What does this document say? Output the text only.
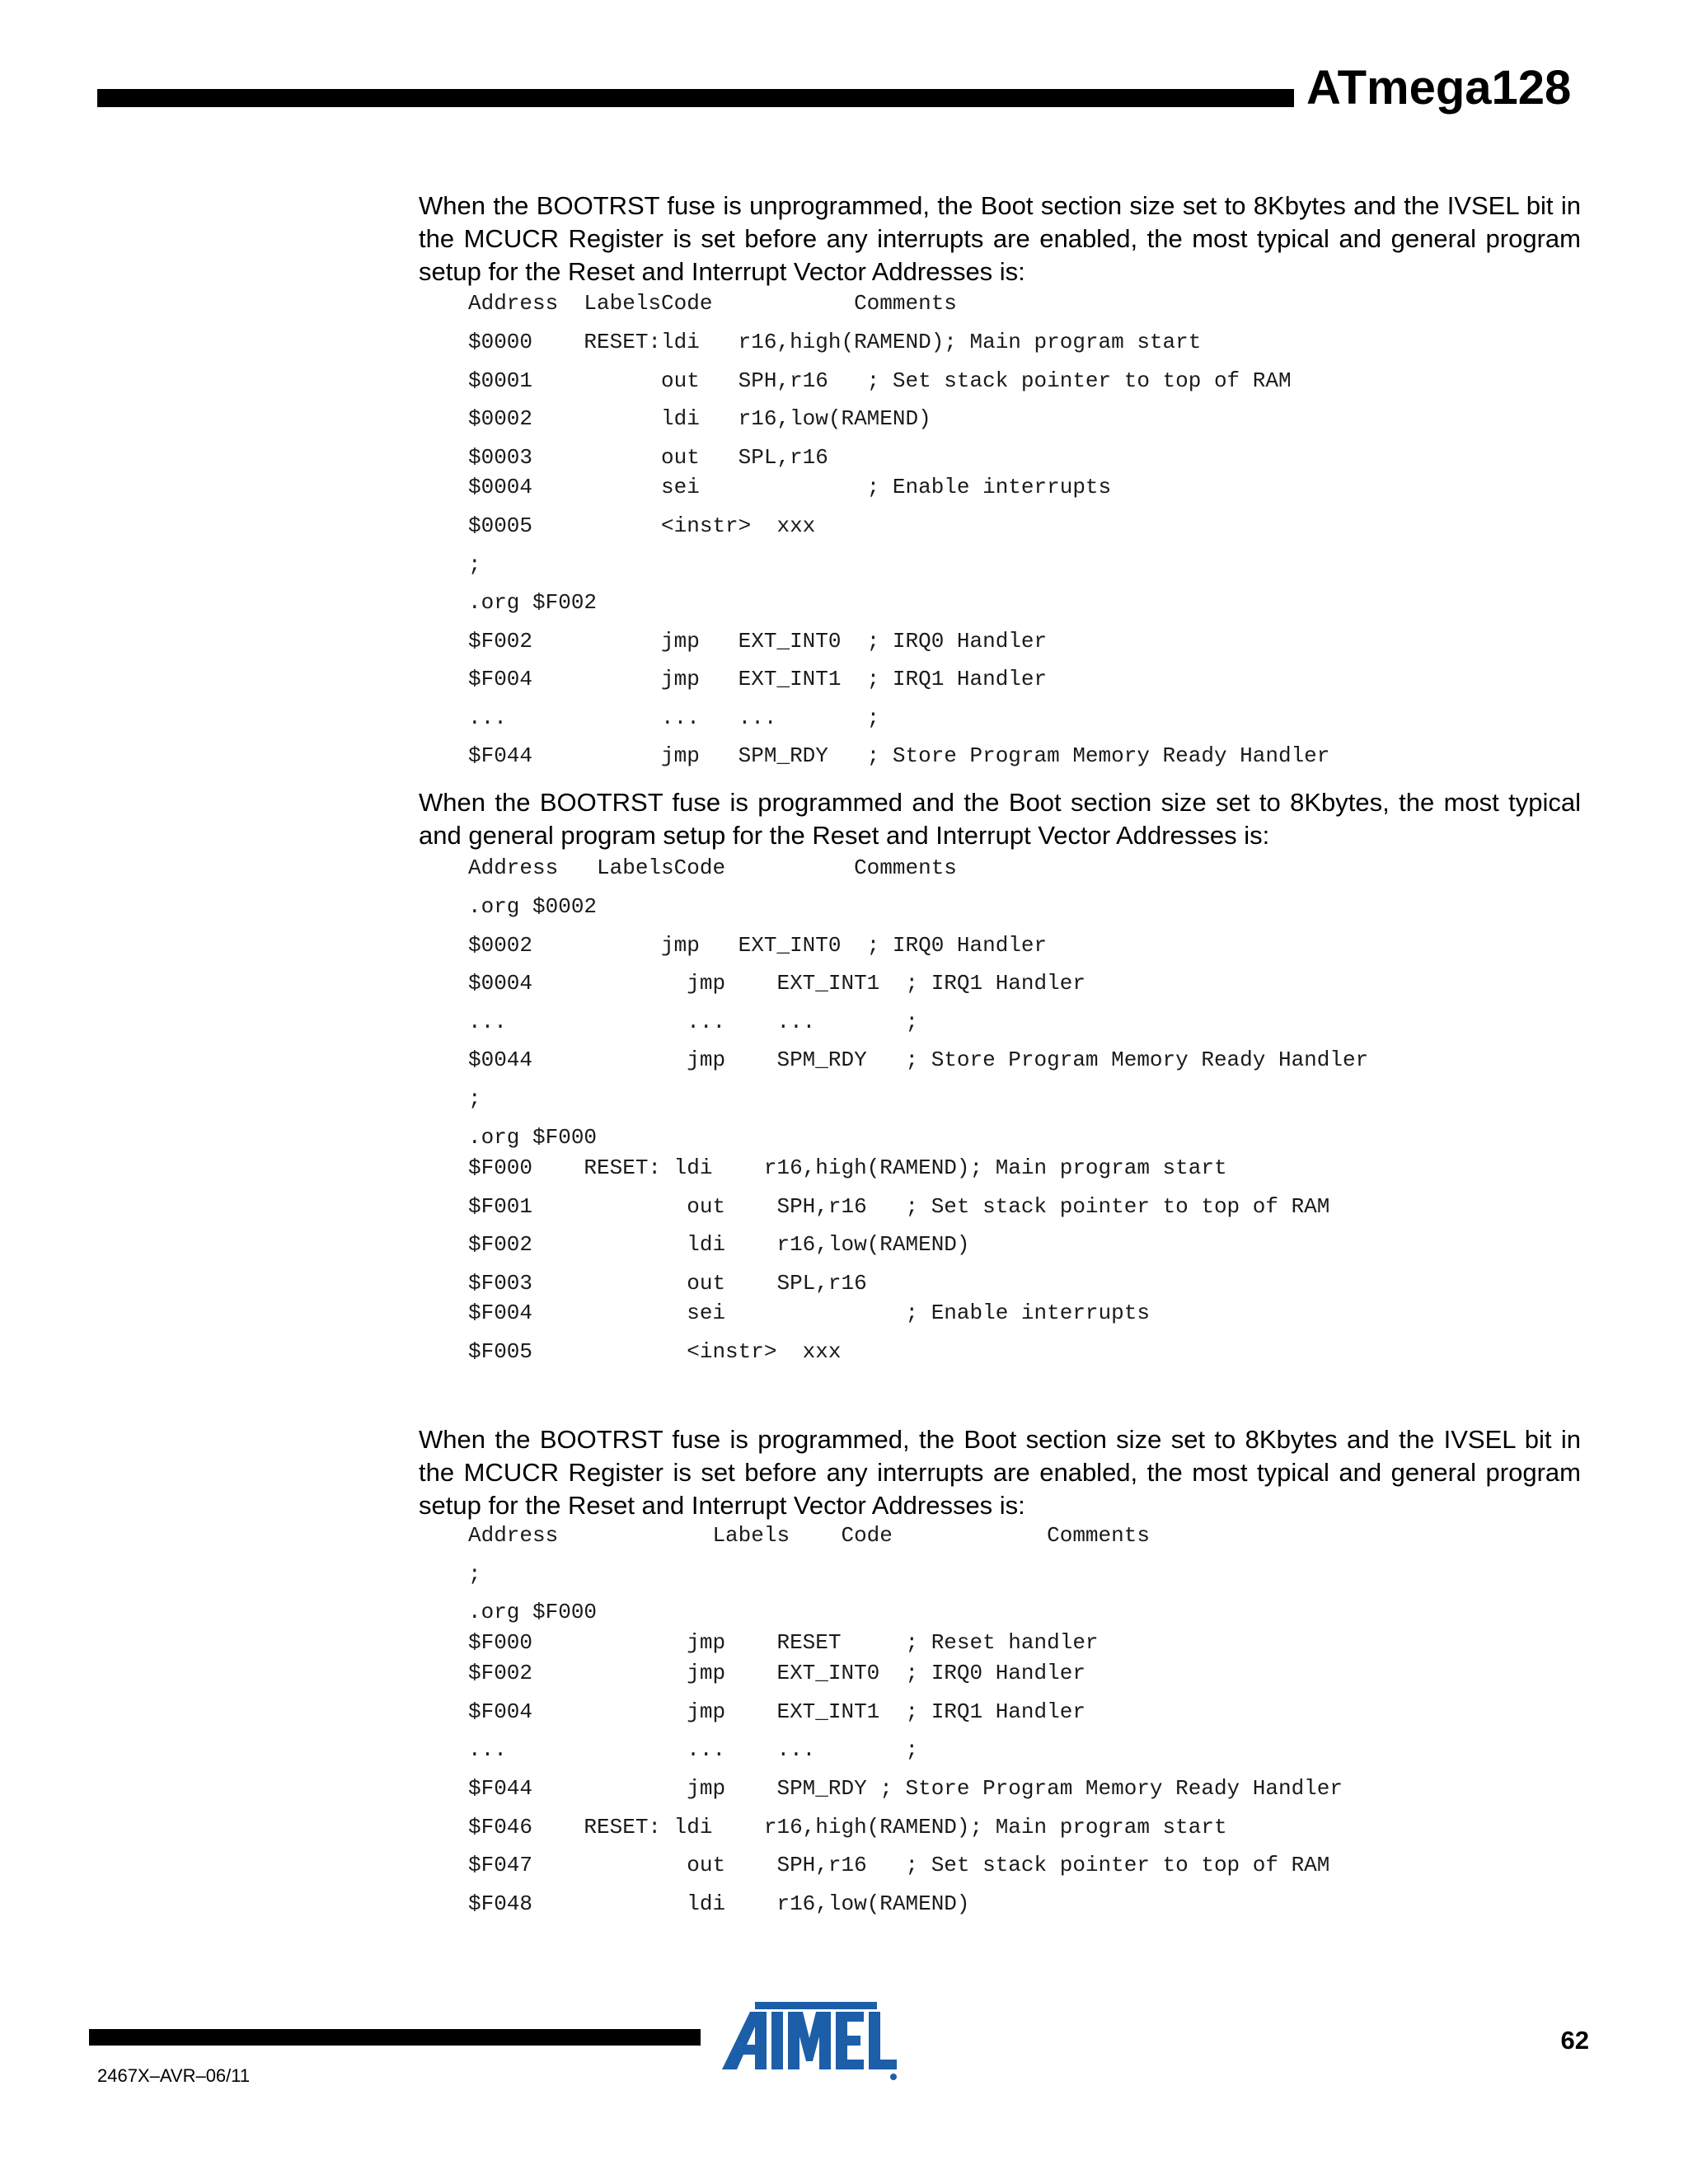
ATmega128
When the BOOTRST fuse is unprogrammed, the Boot section size set to 8Kbytes and the IVSEL bit in the MCUCR Register is set before any interrupts are enabled, the most typical and general program setup for the Reset and Interrupt Vector Addresses is:

Address  LabelsCode           Comments

$0000    RESET:ldi   r16,high(RAMEND); Main program start

$0001          out   SPH,r16   ; Set stack pointer to top of RAM

$0002          ldi   r16,low(RAMEND)

$0003          out   SPL,r16

$0004          sei             ; Enable interrupts

$0005          <instr>  xxx

;

.org $F002

$F002          jmp   EXT_INT0  ; IRQ0 Handler

$F004          jmp   EXT_INT1  ; IRQ1 Handler

...            ...   ...       ;

$F044          jmp   SPM_RDY   ; Store Program Memory Ready Handler

When the BOOTRST fuse is programmed and the Boot section size set to 8Kbytes, the most typical and general program setup for the Reset and Interrupt Vector Addresses is:

Address   LabelsCode          Comments

.org $0002

$0002          jmp   EXT_INT0  ; IRQ0 Handler

$0004            jmp    EXT_INT1  ; IRQ1 Handler

...              ...    ...       ;

$0044            jmp    SPM_RDY   ; Store Program Memory Ready Handler

;

.org $F000

$F000    RESET: ldi    r16,high(RAMEND); Main program start

$F001            out    SPH,r16   ; Set stack pointer to top of RAM

$F002            ldi    r16,low(RAMEND)

$F003            out    SPL,r16

$F004            sei              ; Enable interrupts

$F005            <instr>  xxx

When the BOOTRST fuse is programmed, the Boot section size set to 8Kbytes and the IVSEL bit in the MCUCR Register is set before any interrupts are enabled, the most typical and general program setup for the Reset and Interrupt Vector Addresses is:

Address            Labels    Code            Comments

;

.org $F000

$F000            jmp    RESET     ; Reset handler

$F002            jmp    EXT_INT0  ; IRQ0 Handler

$F004            jmp    EXT_INT1  ; IRQ1 Handler

...              ...    ...       ;

$F044            jmp    SPM_RDY ; Store Program Memory Ready Handler

$F046    RESET: ldi    r16,high(RAMEND); Main program start

$F047            out    SPH,r16   ; Set stack pointer to top of RAM

$F048            ldi    r16,low(RAMEND)

62
2467X–AVR–06/11
